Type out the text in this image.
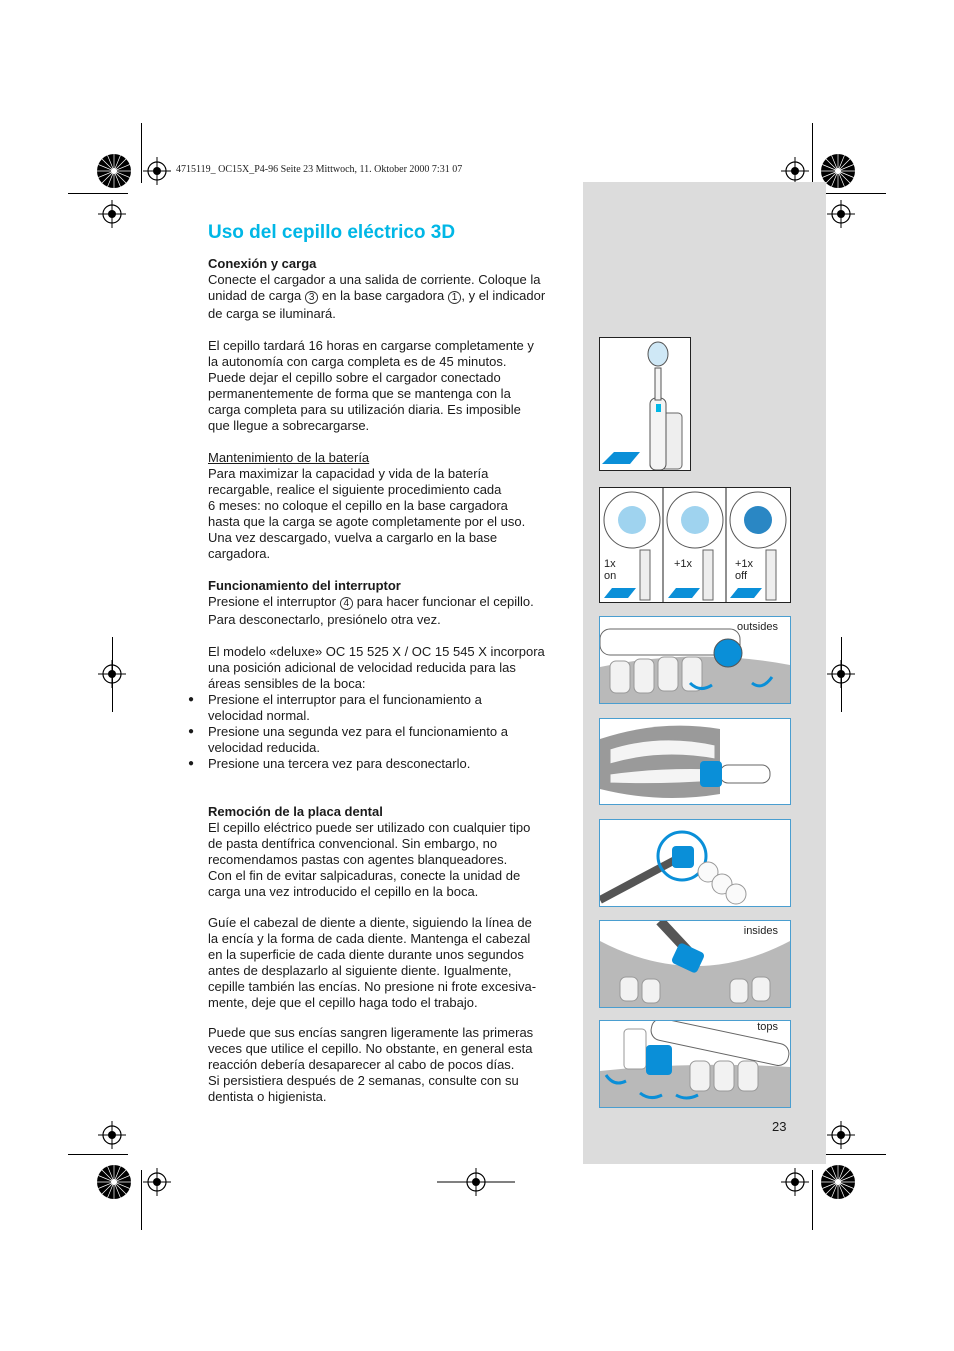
4715119_ OC15X_P4-96 Seite 23 Mittwoch, 11. Oktober 2000 7:31 07
Uso del cepillo eléctrico 3D

Conexión y carga

Conecte el cargador a una salida de corriente. Coloque la

unidad de carga 3 en la base cargadora 1 , y el indicador

de carga se iluminará.

El cepillo tardará 16 horas en cargarse completamente y

la autonomía con carga completa es de 45 minutos.

Puede dejar el cepillo sobre el cargador conectado

permanentemente de forma que se mantenga con la

carga completa para su utilización diaria. Es imposible

que llegue a sobrecargarse.

Mantenimiento de la batería

Para maximizar la capacidad y vida de la batería

recargable, realice el siguiente procedimiento cada

6 meses: no coloque el cepillo en la base cargadora

hasta que la carga se agote completamente por el uso.

Una vez descargado, vuelva a cargarlo en la base

cargadora.

Funcionamiento del interruptor

Presione el interruptor 4 para hacer funcionar el cepillo.

Para desconectarlo, presiónelo otra vez.

El modelo «deluxe» OC 15 525 X / OC 15 545 X incorpora

una posición adicional de velocidad reducida para las

áreas sensibles de la boca:

● Presione el interruptor para el funcionamiento a

velocidad normal.

● Presione una segunda vez para el funcionamiento a

velocidad reducida.

● Presione una tercera vez para desconectarlo.

Remoción de la placa dental

El cepillo eléctrico puede ser utilizado con cualquier tipo

de pasta dentífrica convencional. Sin embargo, no

recomendamos pastas con agentes blanqueadores.

Con el fin de evitar salpicaduras, conecte la unidad de

carga una vez introducido el cepillo en la boca.

Guíe el cabezal de diente a diente, siguiendo la línea de

la encía y la forma de cada diente. Mantenga el cabezal

en la superficie de cada diente durante unos segundos

antes de desplazarlo al siguiente diente. Igualmente,

cepille también las encías. No presione ni frote excesiva-

mente, deje que el cepillo haga todo el trabajo.

Puede que sus encías sangren ligeramente las primeras

veces que utilice el cepillo. No obstante, en general esta

reacción debería desaparecer al cabo de pocos días.

Si persistiera después de 2 semanas, consulte con su

dentista o higienista.

1x
on
+1x	+1x
off
outsides
insides
tops
23
